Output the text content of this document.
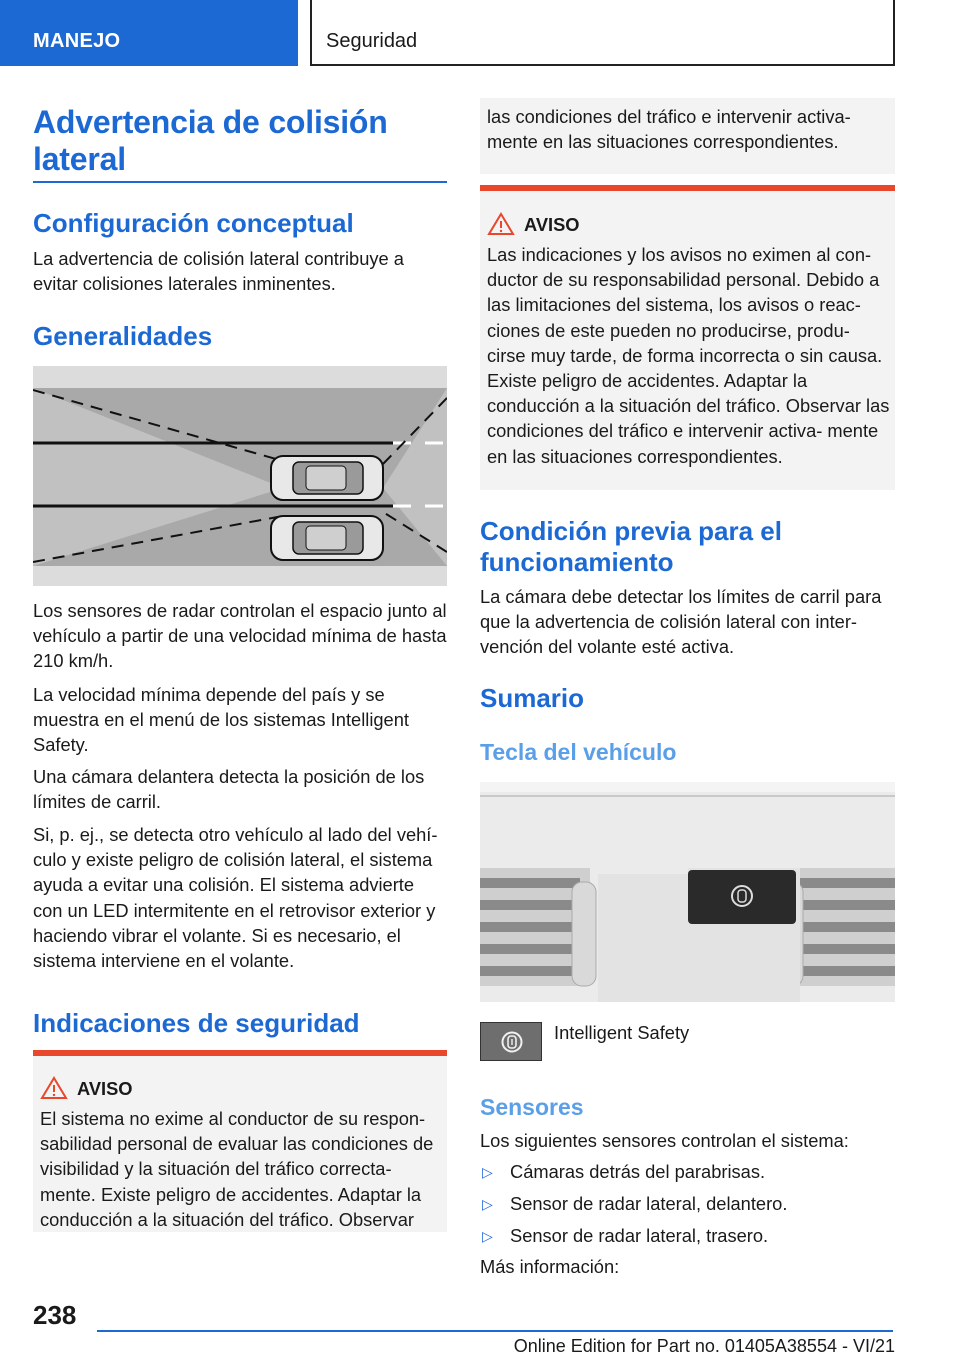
MANEJO	Seguridad
Advertencia de colisión lateral
Configuración conceptual
La advertencia de colisión lateral contribuye a evitar colisiones laterales inminentes.
Generalidades
Los sensores de radar controlan el espacio junto al vehículo a partir de una velocidad mínima de hasta 210 km/h.
La velocidad mínima depende del país y se muestra en el menú de los sistemas Intelligent Safety.
Una cámara delantera detecta la posición de los límites de carril.
Si, p. ej., se detecta otro vehículo al lado del vehí- culo y existe peligro de colisión lateral, el sistema ayuda a evitar una colisión. El sistema advierte con un LED intermitente en el retrovisor exterior y haciendo vibrar el volante. Si es necesario, el sistema interviene en el volante.
Indicaciones de seguridad
AVISO
El sistema no exime al conductor de su respon- sabilidad personal de evaluar las condiciones de visibilidad y la situación del tráfico correcta- mente. Existe peligro de accidentes. Adaptar la conducción a la situación del tráfico. Observar
las condiciones del tráfico e intervenir activa- mente en las situaciones correspondientes.
AVISO
Las indicaciones y los avisos no eximen al con- ductor de su responsabilidad personal. Debido a las limitaciones del sistema, los avisos o reac- ciones de este pueden no producirse, produ- cirse muy tarde, de forma incorrecta o sin causa. Existe peligro de accidentes. Adaptar la conducción a la situación del tráfico. Observar las condiciones del tráfico e intervenir activa- mente en las situaciones correspondientes.
Condición previa para el funcionamiento
La cámara debe detectar los límites de carril para que la advertencia de colisión lateral con inter- vención del volante esté activa.
Sumario
Tecla del vehículo
Intelligent Safety
Sensores
Los siguientes sensores controlan el sistema:
▷ Cámaras detrás del parabrisas.
▷ Sensor de radar lateral, delantero.
▷ Sensor de radar lateral, trasero.
Más información:
238
Online Edition for Part no. 01405A38554 - VI/21
